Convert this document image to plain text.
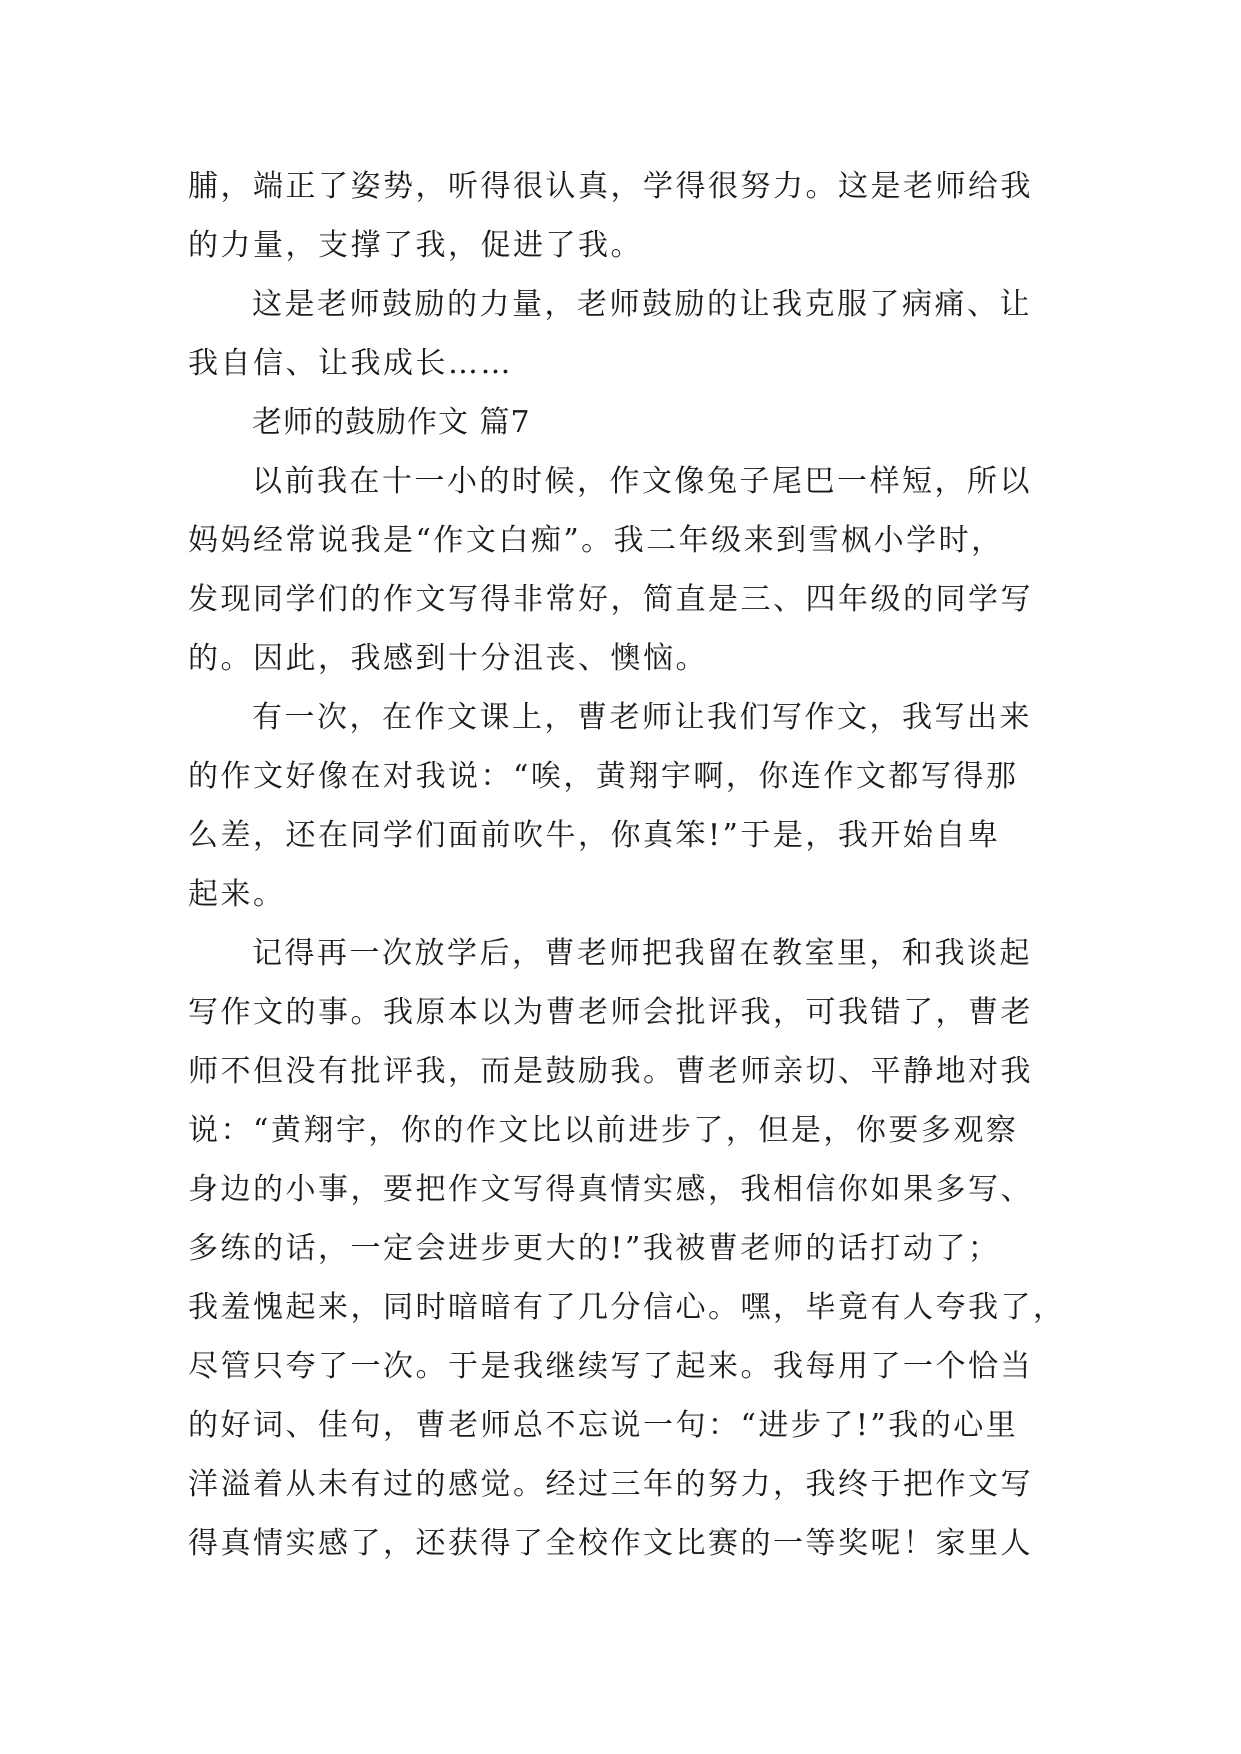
脯，端正了姿势，听得很认真，学得很努力。这是老师给我
的力量，支撑了我，促进了我。
这是老师鼓励的力量，老师鼓励的让我克服了病痛、让
我自信、让我成长……
老师的鼓励作文 篇7
以前我在十一小的时候，作文像兔子尾巴一样短，所以
妈妈经常说我是“作文白痴”。我二年级来到雪枫小学时，
发现同学们的作文写得非常好，简直是三、四年级的同学写
的。因此，我感到十分沮丧、懊恼。
有一次，在作文课上，曹老师让我们写作文，我写出来
的作文好像在对我说：“唉，黄翔宇啊，你连作文都写得那
么差，还在同学们面前吹牛，你真笨!”于是，我开始自卑
起来。
记得再一次放学后，曹老师把我留在教室里，和我谈起
写作文的事。我原本以为曹老师会批评我，可我错了，曹老
师不但没有批评我，而是鼓励我。曹老师亲切、平静地对我
说：“黄翔宇，你的作文比以前进步了，但是，你要多观察
身边的小事，要把作文写得真情实感，我相信你如果多写、
多练的话，一定会进步更大的!”我被曹老师的话打动了；
我羞愧起来，同时暗暗有了几分信心。嘿，毕竟有人夸我了，
尽管只夸了一次。于是我继续写了起来。我每用了一个恰当
的好词、佳句，曹老师总不忘说一句：“进步了!”我的心里
洋溢着从未有过的感觉。经过三年的努力，我终于把作文写
得真情实感了，还获得了全校作文比赛的一等奖呢！家里人
